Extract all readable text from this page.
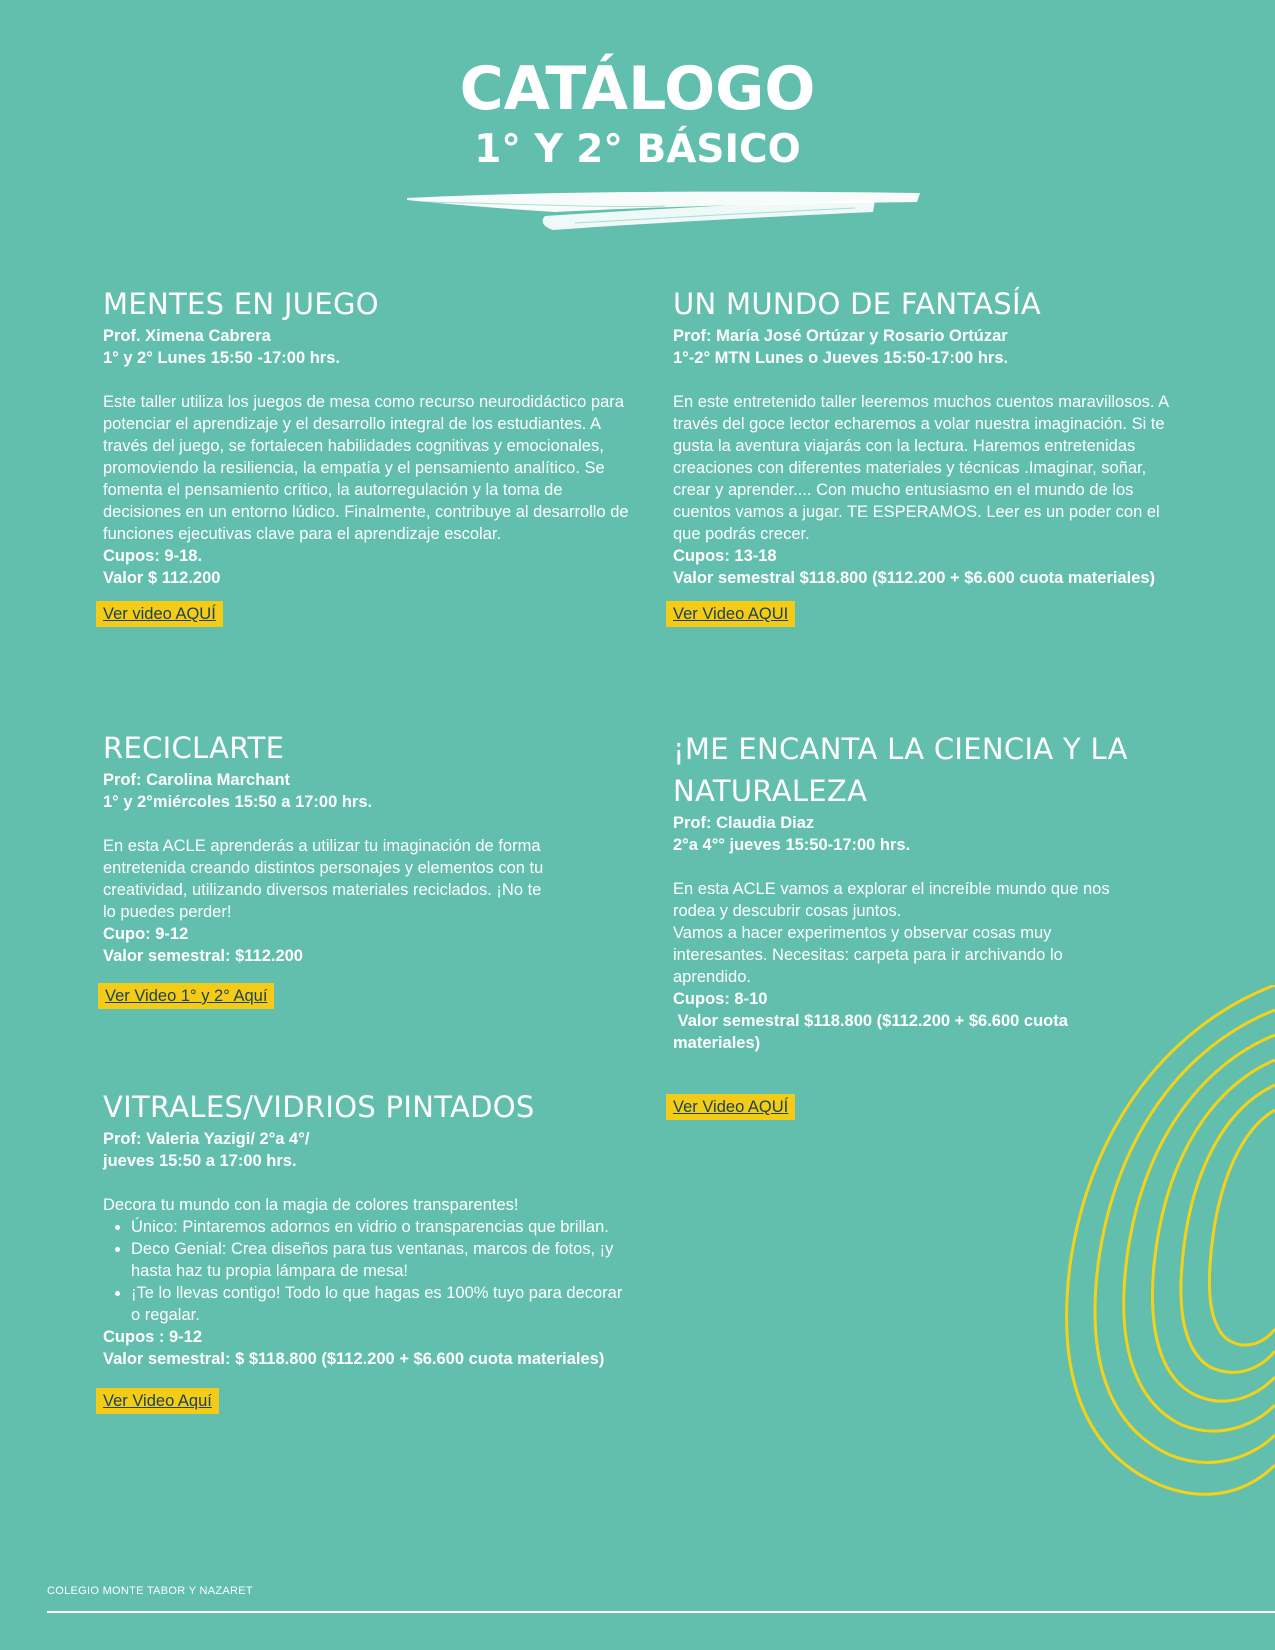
CATÁLOGO
1° Y 2° BÁSICO
MENTES EN JUEGO
Prof. Ximena Cabrera
1° y 2° Lunes 15:50 -17:00 hrs.
Este taller utiliza los juegos de mesa como recurso neurodidáctico para potenciar el aprendizaje y el desarrollo integral de los estudiantes. A través del juego, se fortalecen habilidades cognitivas y emocionales, promoviendo la resiliencia, la empatía y el pensamiento analítico. Se fomenta el pensamiento crítico, la autorregulación y la toma de decisiones en un entorno lúdico. Finalmente, contribuye al desarrollo de funciones ejecutivas clave para el aprendizaje escolar.
Cupos: 9-18.
Valor $ 112.200
Ver video AQUÍ
UN MUNDO DE FANTASÍA
Prof: María José Ortúzar y Rosario Ortúzar
1°-2° MTN Lunes o Jueves 15:50-17:00 hrs.
En este entretenido taller leeremos muchos cuentos maravillosos. A través del goce lector echaremos a volar nuestra imaginación. Si te gusta la aventura viajarás con la lectura. Haremos entretenidas creaciones con diferentes materiales y técnicas .Imaginar, soñar, crear y aprender.... Con mucho entusiasmo en el mundo de los cuentos vamos a jugar. TE ESPERAMOS. Leer es un poder con el que podrás crecer.
Cupos: 13-18
Valor semestral $118.800 ($112.200 + $6.600 cuota materiales)
Ver Video AQUI
RECICLARTE
Prof: Carolina Marchant
1° y 2°miércoles 15:50 a 17:00 hrs.
En esta ACLE aprenderás a utilizar tu imaginación de forma entretenida creando distintos personajes y elementos con tu creatividad, utilizando diversos materiales reciclados. ¡No te lo puedes perder!
Cupo: 9-12
Valor semestral: $112.200
Ver Video 1° y 2° Aquí
¡ME ENCANTA LA CIENCIA Y LA NATURALEZA
Prof: Claudia Diaz
2°a 4°° jueves 15:50-17:00 hrs.
En esta ACLE vamos a explorar el increíble mundo que nos rodea y descubrir cosas juntos.
Vamos a hacer experimentos y observar cosas muy interesantes. Necesitas: carpeta para ir archivando lo aprendido.
Cupos: 8-10
Valor semestral $118.800 ($112.200 + $6.600 cuota materiales)
Ver Video AQUÍ
VITRALES/VIDRIOS PINTADOS
Prof: Valeria Yazigi/ 2°a 4°/
jueves 15:50 a 17:00 hrs.
Decora tu mundo con la magia de colores transparentes!
• Único: Pintaremos adornos en vidrio o transparencias que brillan.
• Deco Genial: Crea diseños para tus ventanas, marcos de fotos, ¡y hasta haz tu propia lámpara de mesa!
• ¡Te lo llevas contigo! Todo lo que hagas es 100% tuyo para decorar o regalar.
Cupos : 9-12
Valor semestral: $ $118.800 ($112.200 + $6.600 cuota materiales)
Ver Video Aquí
COLEGIO MONTE TABOR Y NAZARET
